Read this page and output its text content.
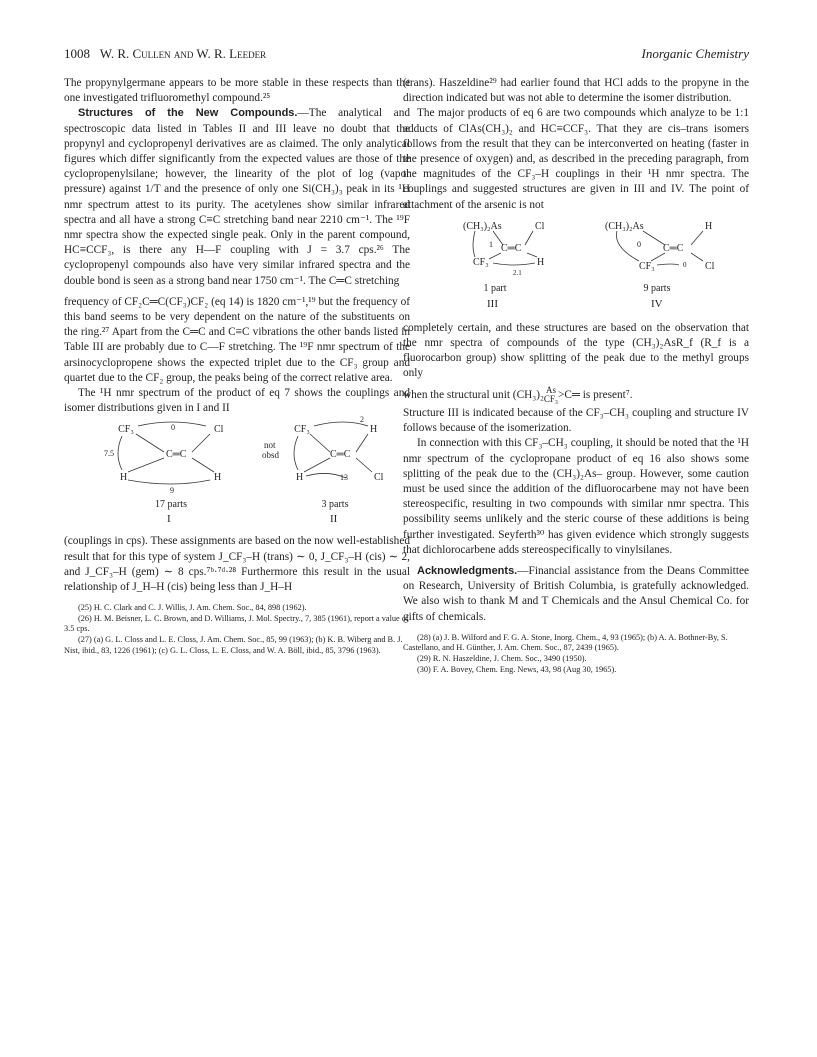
1008 W. R. Cullen and W. R. Leeder	Inorganic Chemistry

The propynylgermane appears to be more stable in these respects than the one investigated trifluoromethyl compound.²⁵

Structures of the New Compounds.—The analytical and spectroscopic data listed in Tables II and III leave no doubt that the propynyl and cyclopropenyl derivatives are as claimed. The only analytical figures which differ significantly from the expected values are those of the cyclopropenylsilane; however, the linearity of the plot of log (vapor pressure) against 1/T and the presence of only one Si(CH₃)₃ peak in its ¹H nmr spectrum attest to its purity. The acetylenes show similar infrared spectra and all have a strong C≡C stretching band near 2210 cm⁻¹. The ¹⁹F nmr spectra show the expected single peak. Only in the parent compound, HC≡CCF₃, is there any H—F coupling with J = 3.7 cps.²⁶ The cyclopropenyl compounds also have very similar infrared spectra and the double bond is seen as a strong band near 1750 cm⁻¹. The C═C stretching

frequency of CF₂C═C(CF₃)CF₂ (eq 14) is 1820 cm⁻¹,¹⁹ but the frequency of this band seems to be very dependent on the nature of the substituents on the ring.²⁷ Apart from the C═C and C≡C vibrations the other bands listed in Table III are probably due to C—F stretching. The ¹⁹F nmr spectrum of the arsinocyclopropene shows the expected triplet due to the CF₃ group and quartet due to the CF₂ group, the peaks being of the correct relative area.

The ¹H nmr spectrum of the product of eq 7 shows the couplings and isomer distributions given in I and II

CF₃	Cl
C═C
H	H
0
7.5
9
CF₃	H
C═C
H	Cl
2
13
not
obsd
17 parts
I
3 parts
II

(couplings in cps). These assignments are based on the now well-established result that for this type of system J_CF₃–H (trans) ∼ 0, J_CF₃–H (cis) ∼ 2, and J_CF₃–H (gem) ∼ 8 cps.⁷ᵇ·⁷ᵈ·²⁸ Furthermore this result in the usual relationship of J_H–H (cis) being less than J_H–H

(25) H. C. Clark and C. J. Willis, J. Am. Chem. Soc., 84, 898 (1962).

(26) H. M. Beisner, L. C. Brown, and D. Williams, J. Mol. Spectry., 7, 385 (1961), report a value of 3.5 cps.

(27) (a) G. L. Closs and L. E. Closs, J. Am. Chem. Soc., 85, 99 (1963); (b) K. B. Wiberg and B. J. Nist, ibid., 83, 1226 (1961); (c) G. L. Closs, L. E. Closs, and W. A. Böll, ibid., 85, 3796 (1963).

(trans). Haszeldine²⁹ had earlier found that HCl adds to the propyne in the direction indicated but was not able to determine the isomer distribution.

The major products of eq 6 are two compounds which analyze to be 1:1 adducts of ClAs(CH₃)₂ and HC≡CCF₃. That they are cis–trans isomers follows from the result that they can be interconverted on heating (faster in the presence of oxygen) and, as described in the preceding paragraph, from the magnitudes of the CF₃–H couplings in their ¹H nmr spectra. The couplings and suggested structures are given in III and IV. The point of attachment of the arsenic is not

(CH₃)₂As	Cl
C═C
CF₃	H
1
2.1
(CH₃)₂As	H
C═C
CF₃	Cl
0
0
1 part
III
9 parts
IV

completely certain, and these structures are based on the observation that the nmr spectra of compounds of the type (CH₃)₂AsR_f (R_f is a fluorocarbon group) show splitting of the peak due to the methyl groups only

when the structural unit (CH₃)₂ As
CF₃>C═ is present⁷.

Structure III is indicated because of the CF₃–CH₃ coupling and structure IV follows because of the isomerization.

In connection with this CF₃–CH₃ coupling, it should be noted that the ¹H nmr spectrum of the cyclopropane product of eq 16 also shows some splitting of the peak due to the (CH₃)₂As– group. However, some caution must be used since the addition of the difluorocarbene may not have been stereospecific, resulting in two compounds with similar nmr spectra. This possibility seems unlikely and the steric course of these additions is being further investigated. Seyferth³⁰ has given evidence which strongly suggests that dichlorocarbene adds stereospecifically to vinylsilanes.

Acknowledgments.—Financial assistance from the Deans Committee on Research, University of British Columbia, is gratefully acknowledged. We also wish to thank M and T Chemicals and the Ansul Chemical Co. for gifts of chemicals.

(28) (a) J. B. Wilford and F. G. A. Stone, Inorg. Chem., 4, 93 (1965); (b) A. A. Bothner-By, S. Castellano, and H. Günther, J. Am. Chem. Soc., 87, 2439 (1965).

(29) R. N. Haszeldine, J. Chem. Soc., 3490 (1950).

(30) F. A. Bovey, Chem. Eng. News, 43, 98 (Aug 30, 1965).
